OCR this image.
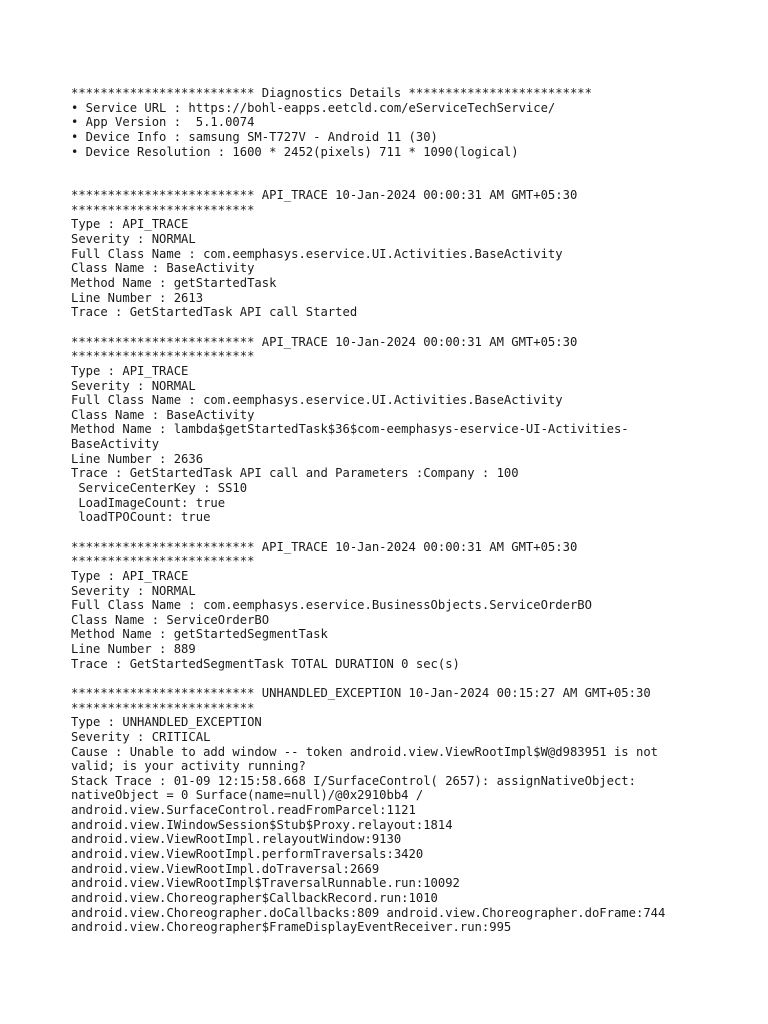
************************* Diagnostics Details *************************
• Service URL : https://bohl-eapps.eetcld.com/eServiceTechService/
• App Version :  5.1.0074
• Device Info : samsung SM-T727V - Android 11 (30)
• Device Resolution : 1600 * 2452(pixels) 711 * 1090(logical)
************************* API_TRACE 10-Jan-2024 00:00:31 AM GMT+05:30
*************************
Type : API_TRACE
Severity : NORMAL
Full Class Name : com.eemphasys.eservice.UI.Activities.BaseActivity
Class Name : BaseActivity
Method Name : getStartedTask
Line Number : 2613
Trace : GetStartedTask API call Started
************************* API_TRACE 10-Jan-2024 00:00:31 AM GMT+05:30
*************************
Type : API_TRACE
Severity : NORMAL
Full Class Name : com.eemphasys.eservice.UI.Activities.BaseActivity
Class Name : BaseActivity
Method Name : lambda$getStartedTask$36$com-eemphasys-eservice-UI-Activities-
BaseActivity
Line Number : 2636
Trace : GetStartedTask API call and Parameters :Company : 100
ServiceCenterKey : SS10
LoadImageCount: true
loadTPOCount: true
************************* API_TRACE 10-Jan-2024 00:00:31 AM GMT+05:30
*************************
Type : API_TRACE
Severity : NORMAL
Full Class Name : com.eemphasys.eservice.BusinessObjects.ServiceOrderBO
Class Name : ServiceOrderBO
Method Name : getStartedSegmentTask
Line Number : 889
Trace : GetStartedSegmentTask TOTAL DURATION 0 sec(s)
************************* UNHANDLED_EXCEPTION 10-Jan-2024 00:15:27 AM GMT+05:30
*************************
Type : UNHANDLED_EXCEPTION
Severity : CRITICAL
Cause : Unable to add window -- token android.view.ViewRootImpl$W@d983951 is not
valid; is your activity running?
Stack Trace : 01-09 12:15:58.668 I/SurfaceControl( 2657): assignNativeObject:
nativeObject = 0 Surface(name=null)/@0x2910bb4 /
android.view.SurfaceControl.readFromParcel:1121
android.view.IWindowSession$Stub$Proxy.relayout:1814
android.view.ViewRootImpl.relayoutWindow:9130
android.view.ViewRootImpl.performTraversals:3420
android.view.ViewRootImpl.doTraversal:2669
android.view.ViewRootImpl$TraversalRunnable.run:10092
android.view.Choreographer$CallbackRecord.run:1010
android.view.Choreographer.doCallbacks:809 android.view.Choreographer.doFrame:744
android.view.Choreographer$FrameDisplayEventReceiver.run:995
